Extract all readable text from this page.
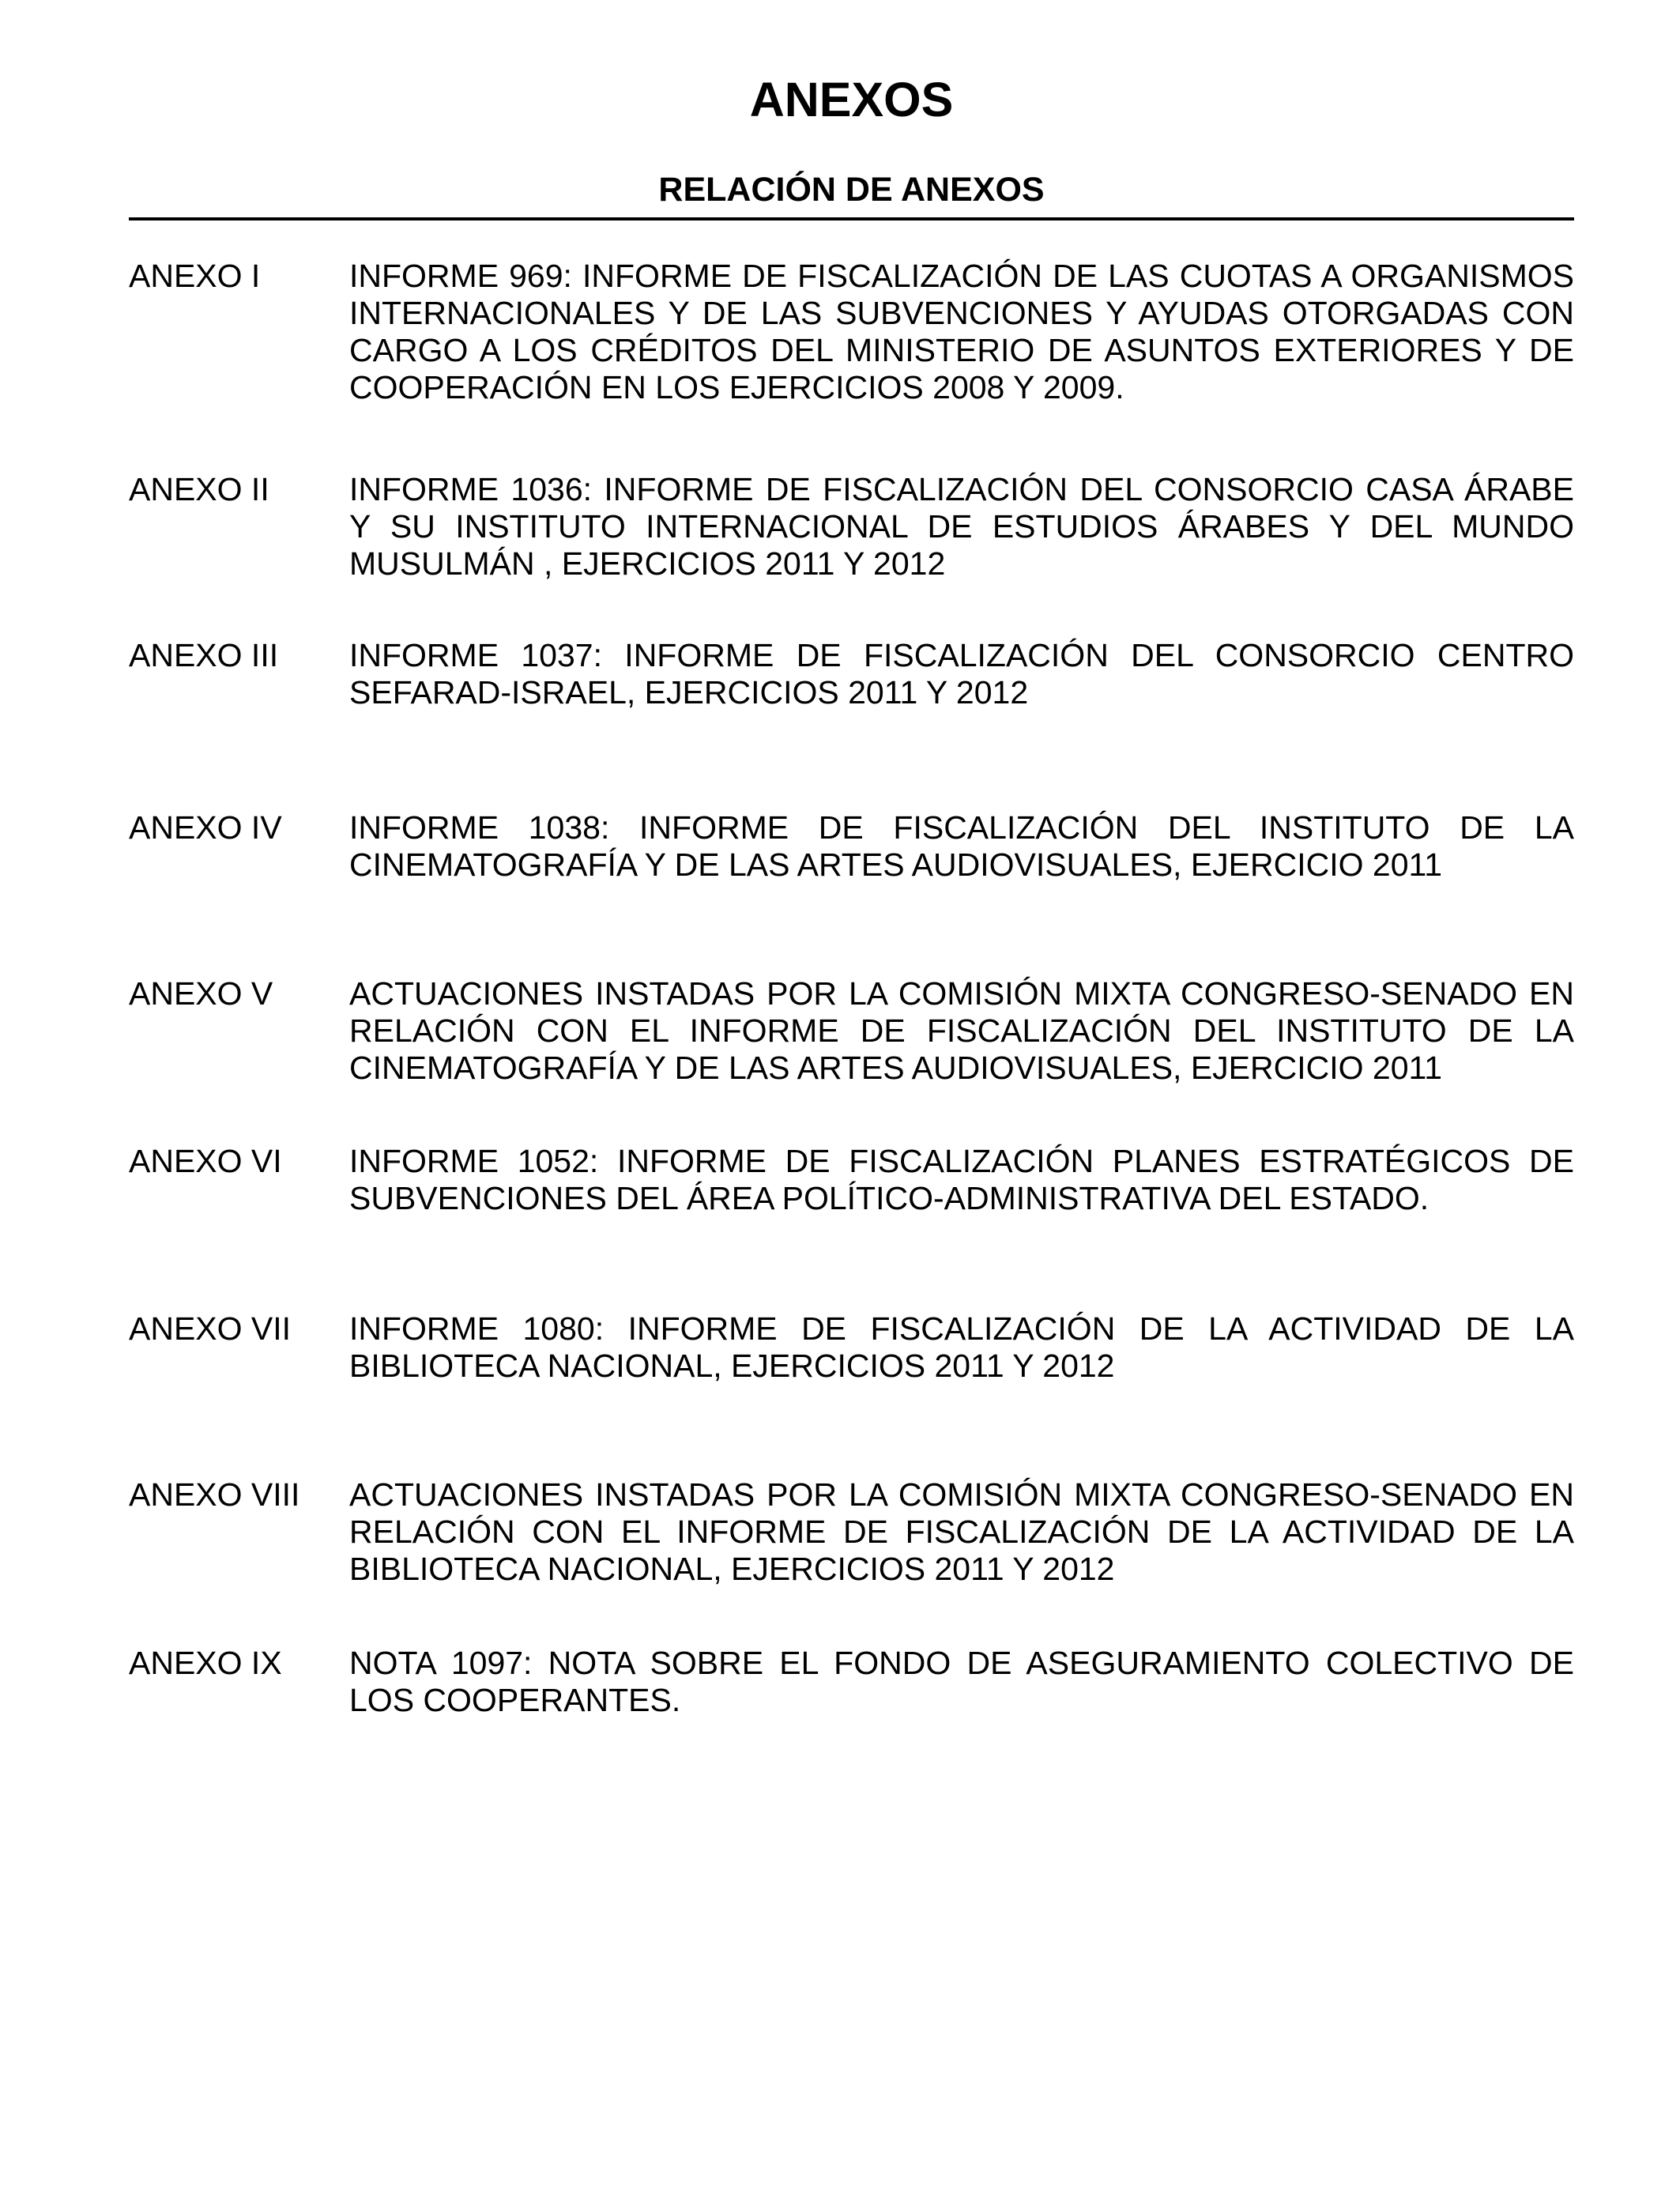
ANEXOS
RELACIÓN DE ANEXOS
ANEXO I	INFORME 969: INFORME DE FISCALIZACIÓN DE LAS CUOTAS A ORGANISMOS INTERNACIONALES Y DE LAS SUBVENCIONES Y AYUDAS OTORGADAS CON CARGO A LOS CRÉDITOS DEL MINISTERIO DE ASUNTOS EXTERIORES Y DE COOPERACIÓN EN LOS EJERCICIOS 2008 Y 2009.

ANEXO II	INFORME 1036: INFORME DE FISCALIZACIÓN DEL CONSORCIO CASA ÁRABE Y SU INSTITUTO INTERNACIONAL DE ESTUDIOS ÁRABES Y DEL MUNDO MUSULMÁN , EJERCICIOS 2011 Y 2012

ANEXO III	INFORME 1037: INFORME DE FISCALIZACIÓN DEL CONSORCIO CENTRO SEFARAD-ISRAEL, EJERCICIOS 2011 Y 2012

ANEXO IV	INFORME 1038: INFORME DE FISCALIZACIÓN DEL INSTITUTO DE LA CINEMATOGRAFÍA Y DE LAS ARTES AUDIOVISUALES, EJERCICIO 2011

ANEXO V	ACTUACIONES INSTADAS POR LA COMISIÓN MIXTA CONGRESO-SENADO EN RELACIÓN CON EL INFORME DE FISCALIZACIÓN DEL INSTITUTO DE LA CINEMATOGRAFÍA Y DE LAS ARTES AUDIOVISUALES, EJERCICIO 2011

ANEXO VI	INFORME 1052: INFORME DE FISCALIZACIÓN PLANES ESTRATÉGICOS DE SUBVENCIONES DEL ÁREA POLÍTICO-ADMINISTRATIVA DEL ESTADO.

ANEXO VII	INFORME 1080: INFORME DE FISCALIZACIÓN DE LA ACTIVIDAD DE LA BIBLIOTECA NACIONAL, EJERCICIOS 2011 Y 2012

ANEXO VIII	ACTUACIONES INSTADAS POR LA COMISIÓN MIXTA CONGRESO-SENADO EN RELACIÓN CON EL INFORME DE FISCALIZACIÓN DE LA ACTIVIDAD DE LA BIBLIOTECA NACIONAL, EJERCICIOS 2011 Y 2012

ANEXO IX	NOTA 1097: NOTA SOBRE EL FONDO DE ASEGURAMIENTO COLECTIVO DE LOS COOPERANTES.
